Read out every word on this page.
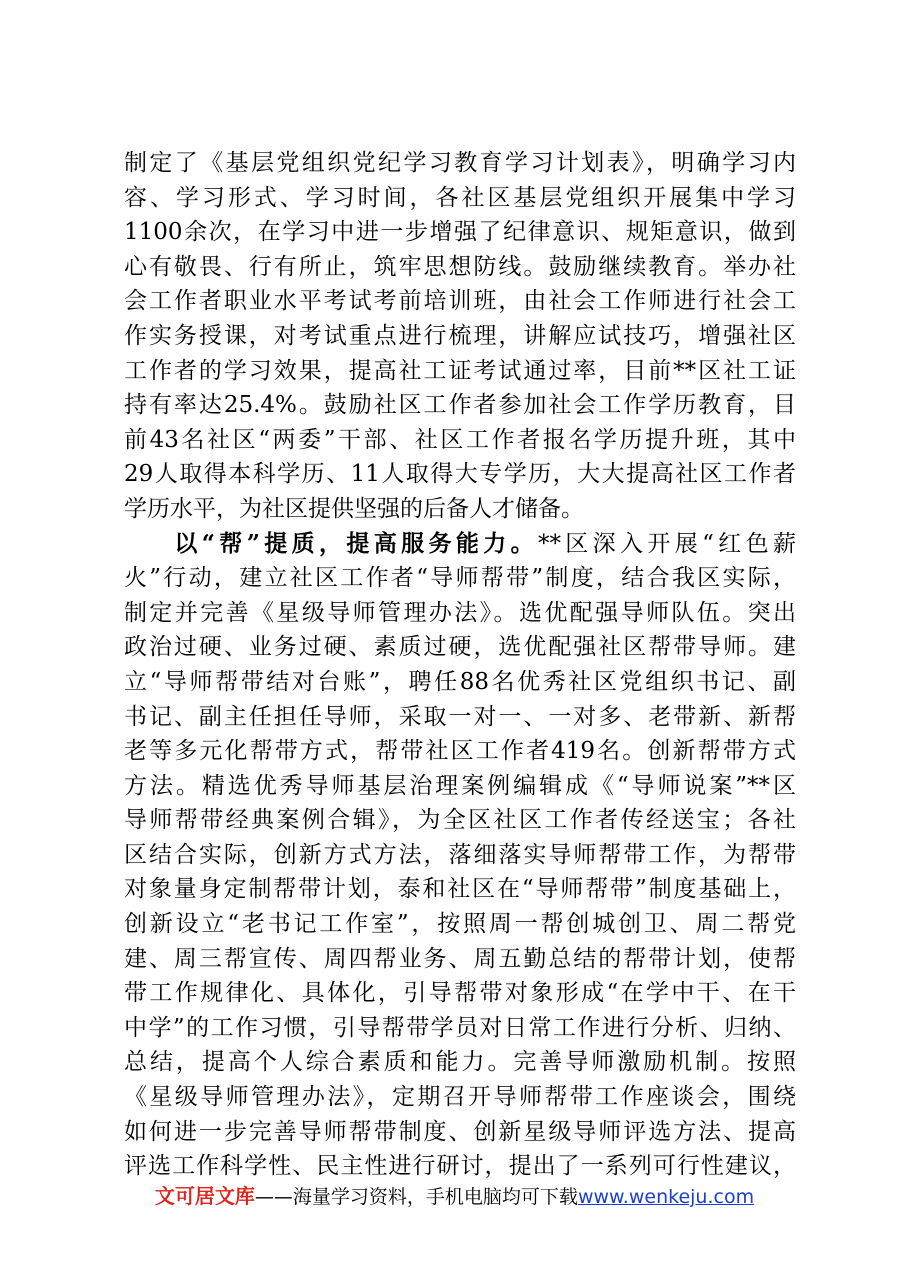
制定了《基层党组织党纪学习教育学习计划表》，明确学习内
容、学习形式、学习时间，各社区基层党组织开展集中学习
1100余次，在学习中进一步增强了纪律意识、规矩意识，做到
心有敬畏、行有所止，筑牢思想防线。鼓励继续教育。举办社
会工作者职业水平考试考前培训班，由社会工作师进行社会工
作实务授课，对考试重点进行梳理，讲解应试技巧，增强社区
工作者的学习效果，提高社工证考试通过率，目前**区社工证
持有率达25.4%。鼓励社区工作者参加社会工作学历教育，目
前43名社区“两委”干部、社区工作者报名学历提升班，其中
29人取得本科学历、11人取得大专学历，大大提高社区工作者
学历水平，为社区提供坚强的后备人才储备。
以“帮”提质，提高服务能力。**区深入开展“红色薪
火”行动，建立社区工作者“导师帮带”制度，结合我区实际，
制定并完善《星级导师管理办法》。选优配强导师队伍。突出
政治过硬、业务过硬、素质过硬，选优配强社区帮带导师。建
立“导师帮带结对台账”，聘任88名优秀社区党组织书记、副
书记、副主任担任导师，采取一对一、一对多、老带新、新帮
老等多元化帮带方式，帮带社区工作者419名。创新帮带方式
方法。精选优秀导师基层治理案例编辑成《“导师说案”**区
导师帮带经典案例合辑》，为全区社区工作者传经送宝；各社
区结合实际，创新方式方法，落细落实导师帮带工作，为帮带
对象量身定制帮带计划，泰和社区在“导师帮带”制度基础上，
创新设立“老书记工作室”，按照周一帮创城创卫、周二帮党
建、周三帮宣传、周四帮业务、周五勤总结的帮带计划，使帮
带工作规律化、具体化，引导帮带对象形成“在学中干、在干
中学”的工作习惯，引导帮带学员对日常工作进行分析、归纳、
总结，提高个人综合素质和能力。完善导师激励机制。按照
《星级导师管理办法》，定期召开导师帮带工作座谈会，围绕
如何进一步完善导师帮带制度、创新星级导师评选方法、提高
评选工作科学性、民主性进行研讨，提出了一系列可行性建议，
文可居文库——海量学习资料，手机电脑均可下载www.wenkeju.com
